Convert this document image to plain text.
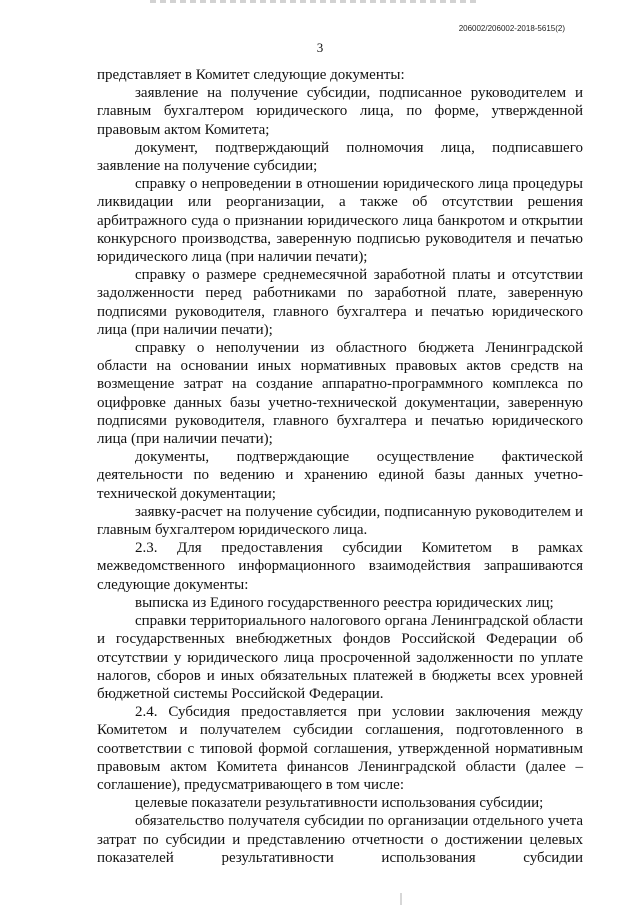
206002/206002-2018-5615(2)
3

представляет в Комитет следующие документы:

заявление на получение субсидии, подписанное руководителем и главным бухгалтером юридического лица, по форме, утвержденной правовым актом Комитета;

документ, подтверждающий полномочия лица, подписавшего заявление на получение субсидии;

справку о непроведении в отношении юридического лица процедуры ликвидации или реорганизации, а также об отсутствии решения арбитражного суда о признании юридического лица банкротом и открытии конкурсного производства, заверенную подписью руководителя и печатью юридического лица (при наличии печати);

справку о размере среднемесячной заработной платы и отсутствии задолженности перед работниками по заработной плате, заверенную подписями руководителя, главного бухгалтера и печатью юридического лица (при наличии печати);

справку о неполучении из областного бюджета Ленинградской области на основании иных нормативных правовых актов средств на возмещение затрат на создание аппаратно-программного комплекса по оцифровке данных базы учетно-технической документации, заверенную подписями руководителя, главного бухгалтера и печатью юридического лица (при наличии печати);

документы, подтверждающие осуществление фактической деятельности по ведению и хранению единой базы данных учетно-технической документации;

заявку-расчет на получение субсидии, подписанную руководителем и главным бухгалтером юридического лица.

2.3. Для предоставления субсидии Комитетом в рамках межведомственного информационного взаимодействия запрашиваются следующие документы:

выписка из Единого государственного реестра юридических лиц;

справки территориального налогового органа Ленинградской области и государственных внебюджетных фондов Российской Федерации об отсутствии у юридического лица просроченной задолженности по уплате налогов, сборов и иных обязательных платежей в бюджеты всех уровней бюджетной системы Российской Федерации.

2.4. Субсидия предоставляется при условии заключения между Комитетом и получателем субсидии соглашения, подготовленного в соответствии с типовой формой соглашения, утвержденной нормативным правовым актом Комитета финансов Ленинградской области (далее – соглашение), предусматривающего в том числе:

целевые показатели результативности использования субсидии;

обязательство получателя субсидии по организации отдельного учета затрат по субсидии и представлению отчетности о достижении целевых показателей результативности использования субсидии
